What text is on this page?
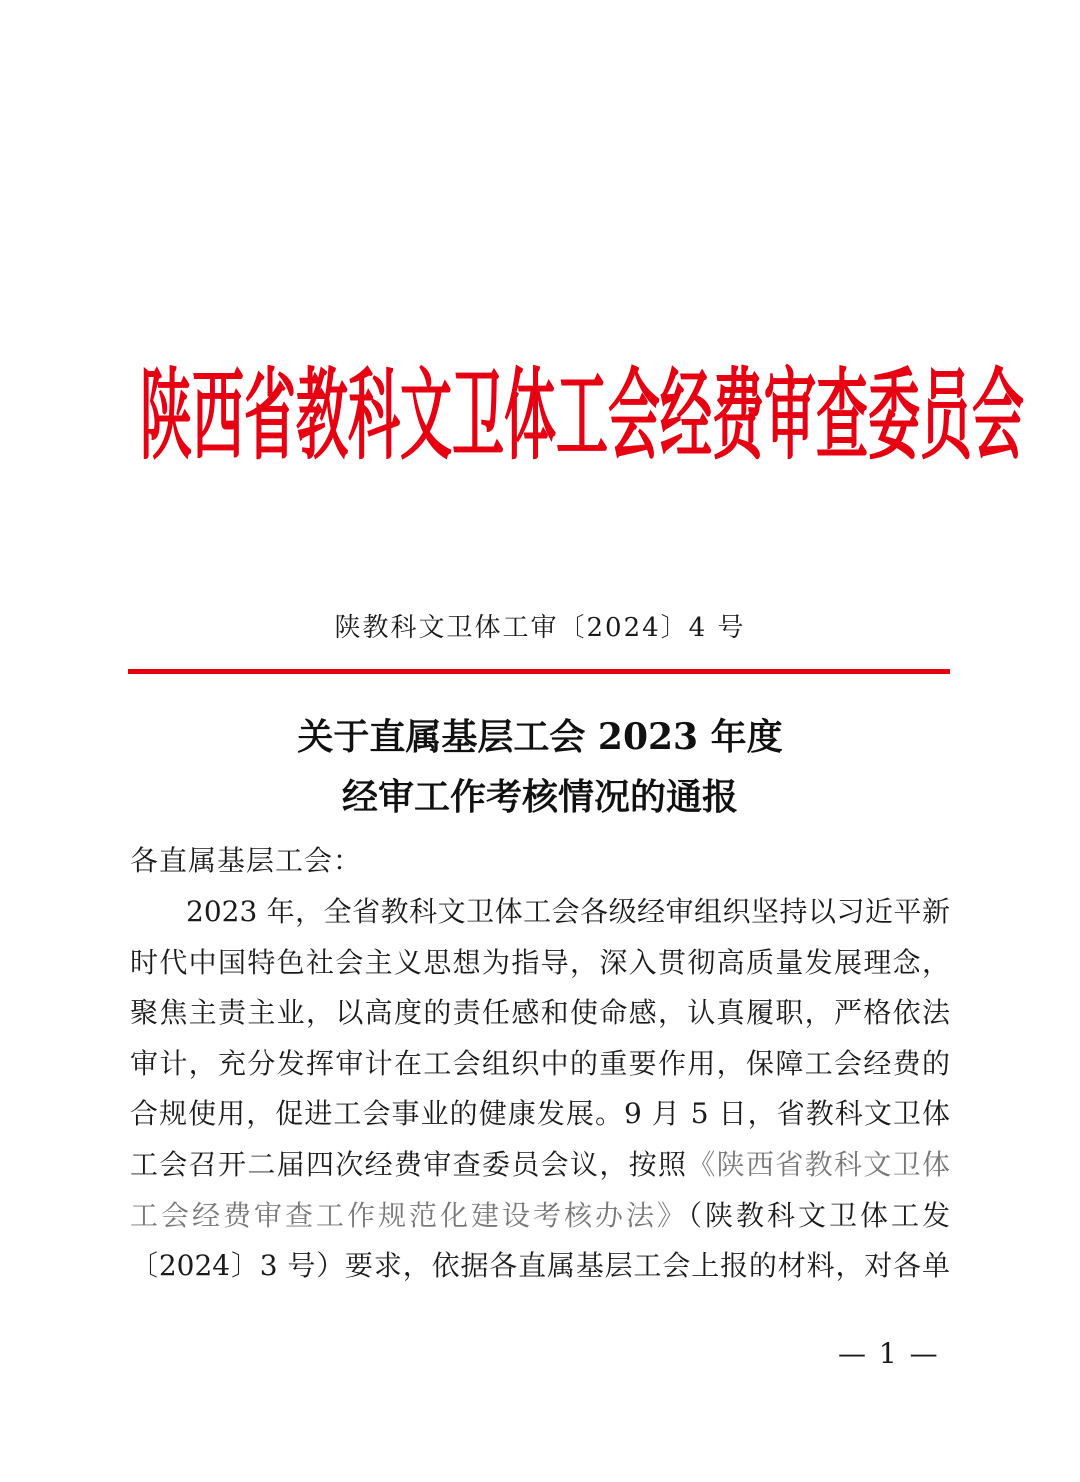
陕西省教科文卫体工会经费审查委员会
陕教科文卫体工审〔2024〕4 号
关于直属基层工会 2023 年度
经审工作考核情况的通报
各直属基层工会：
2023 年，全省教科文卫体工会各级经审组织坚持以习近平新
时代中国特色社会主义思想为指导，深入贯彻高质量发展理念，
聚焦主责主业，以高度的责任感和使命感，认真履职，严格依法
审计，充分发挥审计在工会组织中的重要作用，保障工会经费的
合规使用，促进工会事业的健康发展。9 月 5 日，省教科文卫体
工会召开二届四次经费审查委员会议，按照《陕西省教科文卫体
工会经费审查工作规范化建设考核办法》（陕教科文卫体工发
〔2024〕3 号）要求，依据各直属基层工会上报的材料，对各单
— 1 —
